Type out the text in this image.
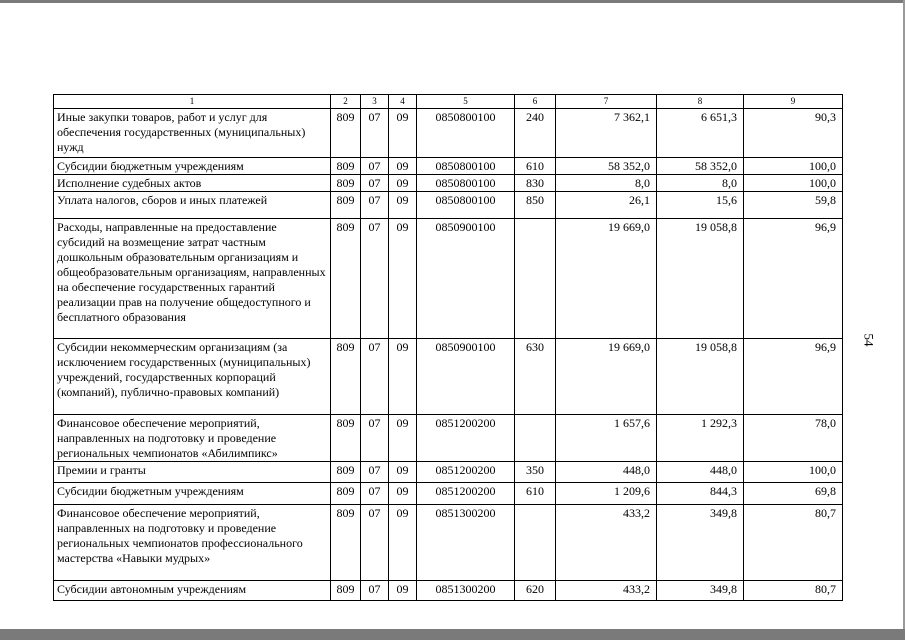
54
1	2	3	4	5	6	7	8	9
Иные закупки товаров, работ и услуг для обеспечения государственных (муниципальных) нужд	809	07	09	0850800100	240	7 362,1	6 651,3	90,3
Субсидии бюджетным учреждениям	809	07	09	0850800100	610	58 352,0	58 352,0	100,0
Исполнение судебных актов	809	07	09	0850800100	830	8,0	8,0	100,0
Уплата налогов, сборов и иных платежей	809	07	09	0850800100	850	26,1	15,6	59,8
Расходы, направленные на предоставление субсидий на возмещение затрат частным дошкольным образовательным организациям и общеобразовательным организациям, направленных на обеспечение государственных гарантий реализации прав на получение общедоступного и бесплатного образования	809	07	09	0850900100		19 669,0	19 058,8	96,9
Субсидии некоммерческим организациям (за исключением государственных (муниципальных) учреждений, государственных корпораций (компаний), публично-правовых компаний)	809	07	09	0850900100	630	19 669,0	19 058,8	96,9
Финансовое обеспечение мероприятий, направленных на подготовку и проведение региональных чемпионатов «Абилимпикс»	809	07	09	0851200200		1 657,6	1 292,3	78,0
Премии и гранты	809	07	09	0851200200	350	448,0	448,0	100,0
Субсидии бюджетным учреждениям	809	07	09	0851200200	610	1 209,6	844,3	69,8
Финансовое обеспечение мероприятий, направленных на подготовку и проведение региональных чемпионатов профессионального мастерства «Навыки мудрых»	809	07	09	0851300200		433,2	349,8	80,7
Субсидии автономным учреждениям	809	07	09	0851300200	620	433,2	349,8	80,7
